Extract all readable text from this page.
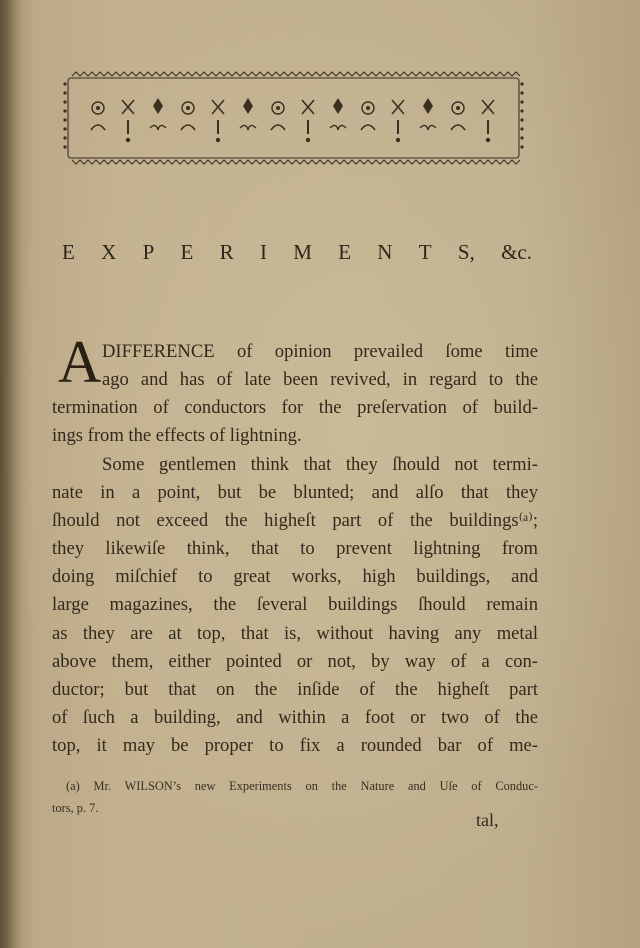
E X P E R I M E N T S, &c.
A DIFFERENCE of opinion prevailed ſome time
ago and has of late been revived, in regard to the
termination of conductors for the preſervation of build-
ings from the effects of lightning.
Some gentlemen think that they ſhould not termi-
nate in a point, but be blunted; and alſo that they
ſhould not exceed the higheſt part of the buildings⁽ᵃ⁾;
they likewiſe think, that to prevent lightning from
doing miſchief to great works, high buildings, and
large magazines, the ſeveral buildings ſhould remain
as they are at top, that is, without having any metal
above them, either pointed or not, by way of a con-
ductor; but that on the inſide of the higheſt part
of ſuch a building, and within a foot or two of the
top, it may be proper to fix a rounded bar of me-
(a) Mr. WILSON’s new Experiments on the Nature and Uſe of Conduc-
tors, p. 7.
tal,
